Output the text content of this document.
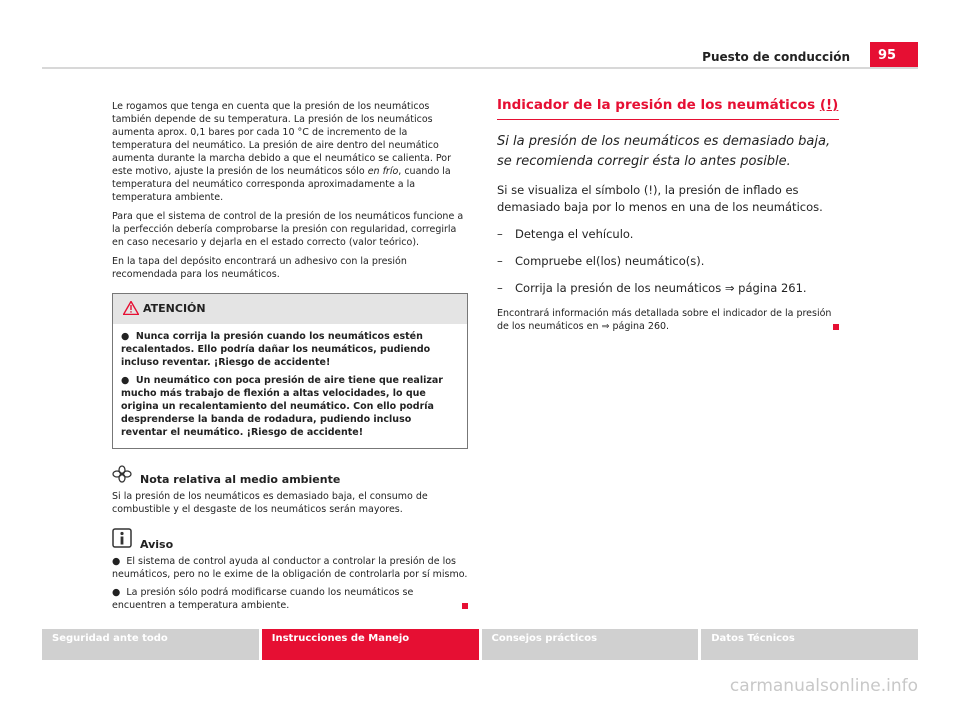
Puesto de conducción	95

Le rogamos que tenga en cuenta que la presión de los neumáticos también depende de su temperatura. La presión de los neumáticos aumenta aprox. 0,1 bares por cada 10 °C de incremento de la temperatura del neumático. La presión de aire dentro del neumático aumenta durante la marcha debido a que el neumático se calienta. Por este motivo, ajuste la presión de los neumáticos sólo en frío, cuando la temperatura del neumático corresponda aproximadamente a la temperatura ambiente.

Para que el sistema de control de la presión de los neumáticos funcione a la perfección debería comprobarse la presión con regularidad, corregirla en caso necesario y dejarla en el estado correcto (valor teórico).

En la tapa del depósito encontrará un adhesivo con la presión recomendada para los neumáticos.

ATENCIÓN

●  Nunca corrija la presión cuando los neumáticos estén recalentados. Ello podría dañar los neumáticos, pudiendo incluso reventar. ¡Riesgo de accidente!

●  Un neumático con poca presión de aire tiene que realizar mucho más trabajo de flexión a altas velocidades, lo que origina un recalentamiento del neumático. Con ello podría desprenderse la banda de rodadura, pudiendo incluso reventar el neumático. ¡Riesgo de accidente!

Nota relativa al medio ambiente

Si la presión de los neumáticos es demasiado baja, el consumo de combustible y el desgaste de los neumáticos serán mayores.

Aviso

●  El sistema de control ayuda al conductor a controlar la presión de los neumáticos, pero no le exime de la obligación de controlarla por sí mismo.

●  La presión sólo podrá modificarse cuando los neumáticos se encuentren a temperatura ambiente.

Indicador de la presión de los neumáticos (!)
Si la presión de los neumáticos es demasiado baja, se recomienda corregir ésta lo antes posible.
Si se visualiza el símbolo (!), la presión de inflado es demasiado baja por lo menos en una de los neumáticos.
–	Detenga el vehículo.
–	Compruebe el(los) neumático(s).
–	Corrija la presión de los neumáticos ⇒ página 261.
Encontrará información más detallada sobre el indicador de la presión de los neumáticos en ⇒ página 260.
Seguridad ante todo	Instrucciones de Manejo	Consejos prácticos	Datos Técnicos
carmanualsonline.info
